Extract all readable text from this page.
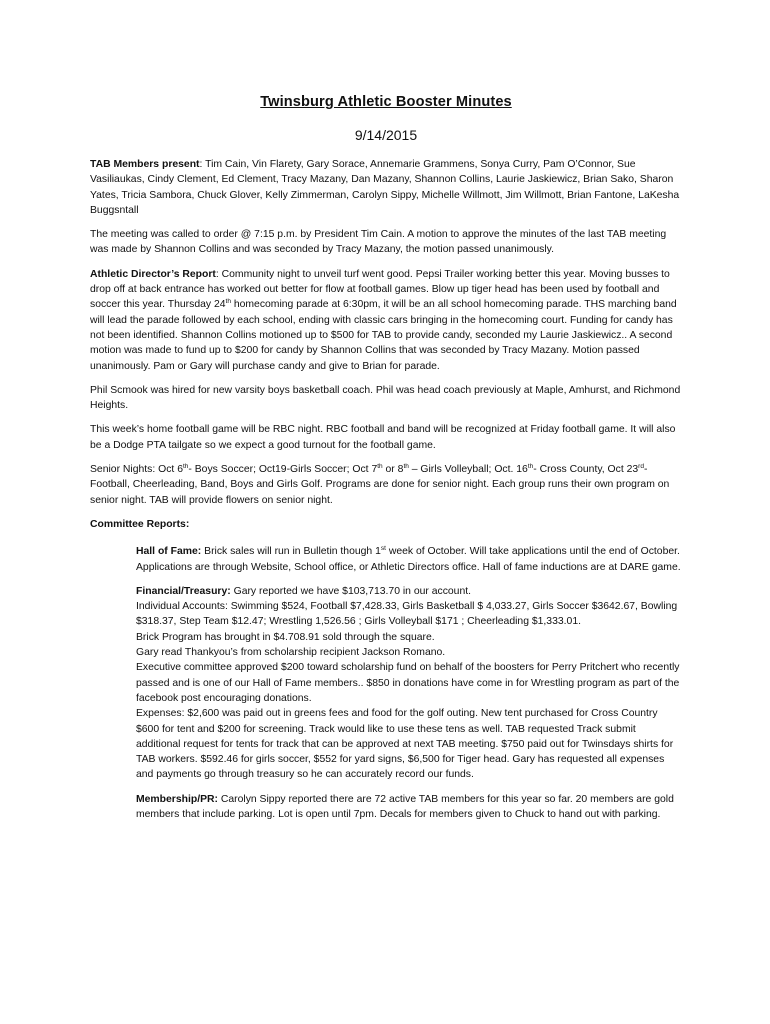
Twinsburg Athletic Booster Minutes
9/14/2015

TAB Members present: Tim Cain, Vin Flarety, Gary Sorace, Annemarie Grammens, Sonya Curry, Pam O’Connor, Sue Vasiliaukas, Cindy Clement, Ed Clement, Tracy Mazany, Dan Mazany, Shannon Collins, Laurie Jaskiewicz, Brian Sako, Sharon Yates, Tricia Sambora, Chuck Glover, Kelly Zimmerman, Carolyn Sippy, Michelle Willmott, Jim Willmott, Brian Fantone, LaKesha Buggsntall

The meeting was called to order @ 7:15 p.m. by President Tim Cain. A motion to approve the minutes of the last TAB meeting was made by Shannon Collins and was seconded by Tracy Mazany, the motion passed unanimously.

Athletic Director’s Report: Community night to unveil turf went good. Pepsi Trailer working better this year. Moving busses to drop off at back entrance has worked out better for flow at football games. Blow up tiger head has been used by football and soccer this year. Thursday 24th homecoming parade at 6:30pm, it will be an all school homecoming parade. THS marching band will lead the parade followed by each school, ending with classic cars bringing in the homecoming court. Funding for candy has not been identified. Shannon Collins motioned up to $500 for TAB to provide candy, seconded my Laurie Jaskiewicz.. A second motion was made to fund up to $200 for candy by Shannon Collins that was seconded by Tracy Mazany. Motion passed unanimously. Pam or Gary will purchase candy and give to Brian for parade.

Phil Scmook was hired for new varsity boys basketball coach. Phil was head coach previously at Maple, Amhurst, and Richmond Heights.

This week’s home football game will be RBC night. RBC football and band will be recognized at Friday football game. It will also be a Dodge PTA tailgate so we expect a good turnout for the football game.

Senior Nights: Oct 6th- Boys Soccer; Oct19-Girls Soccer; Oct 7th or 8th – Girls Volleyball; Oct. 16th- Cross County, Oct 23rd- Football, Cheerleading, Band, Boys and Girls Golf. Programs are done for senior night. Each group runs their own program on senior night. TAB will provide flowers on senior night.

Committee Reports:

Hall of Fame: Brick sales will run in Bulletin though 1st week of October. Will take applications until the end of October. Applications are through Website, School office, or Athletic Directors office. Hall of fame inductions are at DARE game.

Financial/Treasury: Gary reported we have $103,713.70 in our account.

Individual Accounts: Swimming $524, Football $7,428.33, Girls Basketball $ 4,033.27, Girls Soccer $3642.67, Bowling $318.37, Step Team $12.47; Wrestling 1,526.56 ; Girls Volleyball $171 ; Cheerleading $1,333.01.

Brick Program has brought in $4.708.91 sold through the square.

Gary read Thankyou’s from scholarship recipient Jackson Romano.

Executive committee approved $200 toward scholarship fund on behalf of the boosters for Perry Pritchert who recently passed and is one of our Hall of Fame members.. $850 in donations have come in for Wrestling program as part of the facebook post encouraging donations.

Expenses: $2,600 was paid out in greens fees and food for the golf outing. New tent purchased for Cross Country $600 for tent and $200 for screening. Track would like to use these tens as well. TAB requested Track submit additional request for tents for track that can be approved at next TAB meeting. $750 paid out for Twinsdays shirts for TAB workers. $592.46 for girls soccer, $552 for yard signs, $6,500 for Tiger head. Gary has requested all expenses and payments go through treasury so he can accurately record our funds.

Membership/PR: Carolyn Sippy reported there are 72 active TAB members for this year so far. 20 members are gold members that include parking. Lot is open until 7pm. Decals for members given to Chuck to hand out with parking.
